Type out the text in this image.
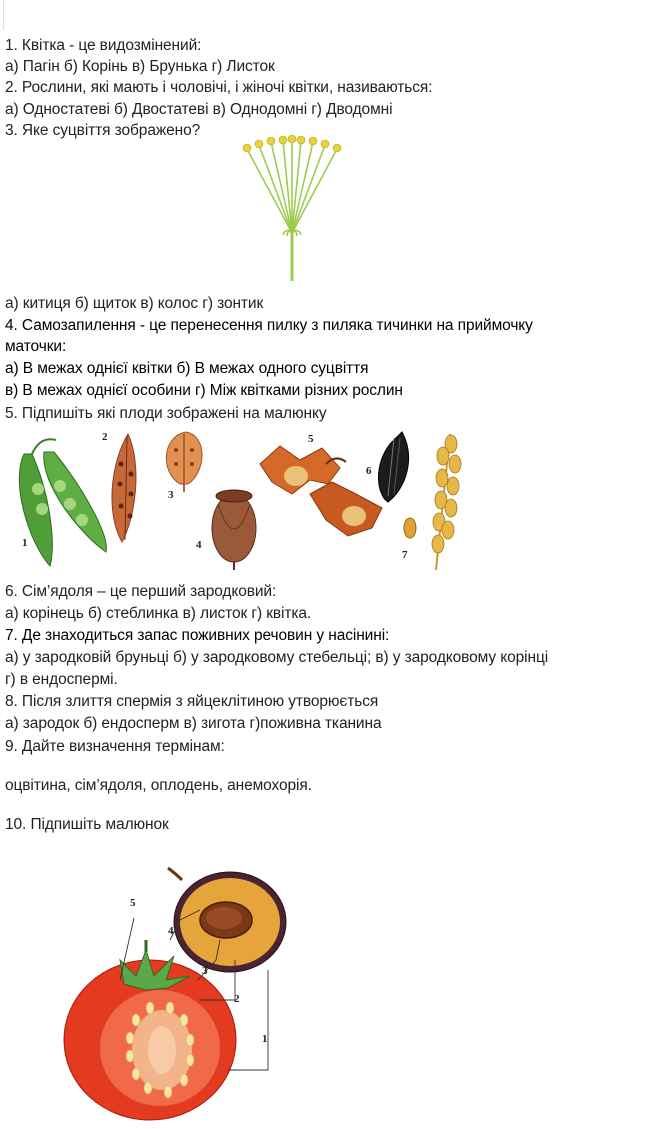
1. Квітка - це видозмінений:
а) Пагін б) Корінь в) Брунька г) Листок
2. Рослини, які мають і чоловічі, і жіночі квітки, називаються:
а) Одностатеві б) Двостатеві в) Однодомні г) Дводомні
3. Яке суцвіття зображено?
а) китиця б) щиток в) колос г) зонтик
4. Самозапилення - це перенесення пилку з пиляка тичинки на приймочку
маточки:
а) В межах однієї квітки б) В межах одного суцвіття
в) В межах однієї особини г) Між квітками різних рослин
5. Підпишіть які плоди зображені на малюнку
1
2
3
4
5
6
7
6. Сім’ядоля – це перший зародковий:
а) корінець б) стеблинка в) листок г) квітка.
7. Де знаходиться запас поживних речовин у насінині:
а) у зародковій бруньці б) у зародковому стебельці; в) у зародковому корінці
г) в ендоспермі.
8. Після злиття спермія з яйцеклітиною утворюється
а) зародок б) ендосперм в) зигота г)поживна тканина
9. Дайте визначення термінам:
оцвітина, сім’ядоля, оплодень, анемохорія.
10. Підпишіть малюнок
1
2
3
4
5
